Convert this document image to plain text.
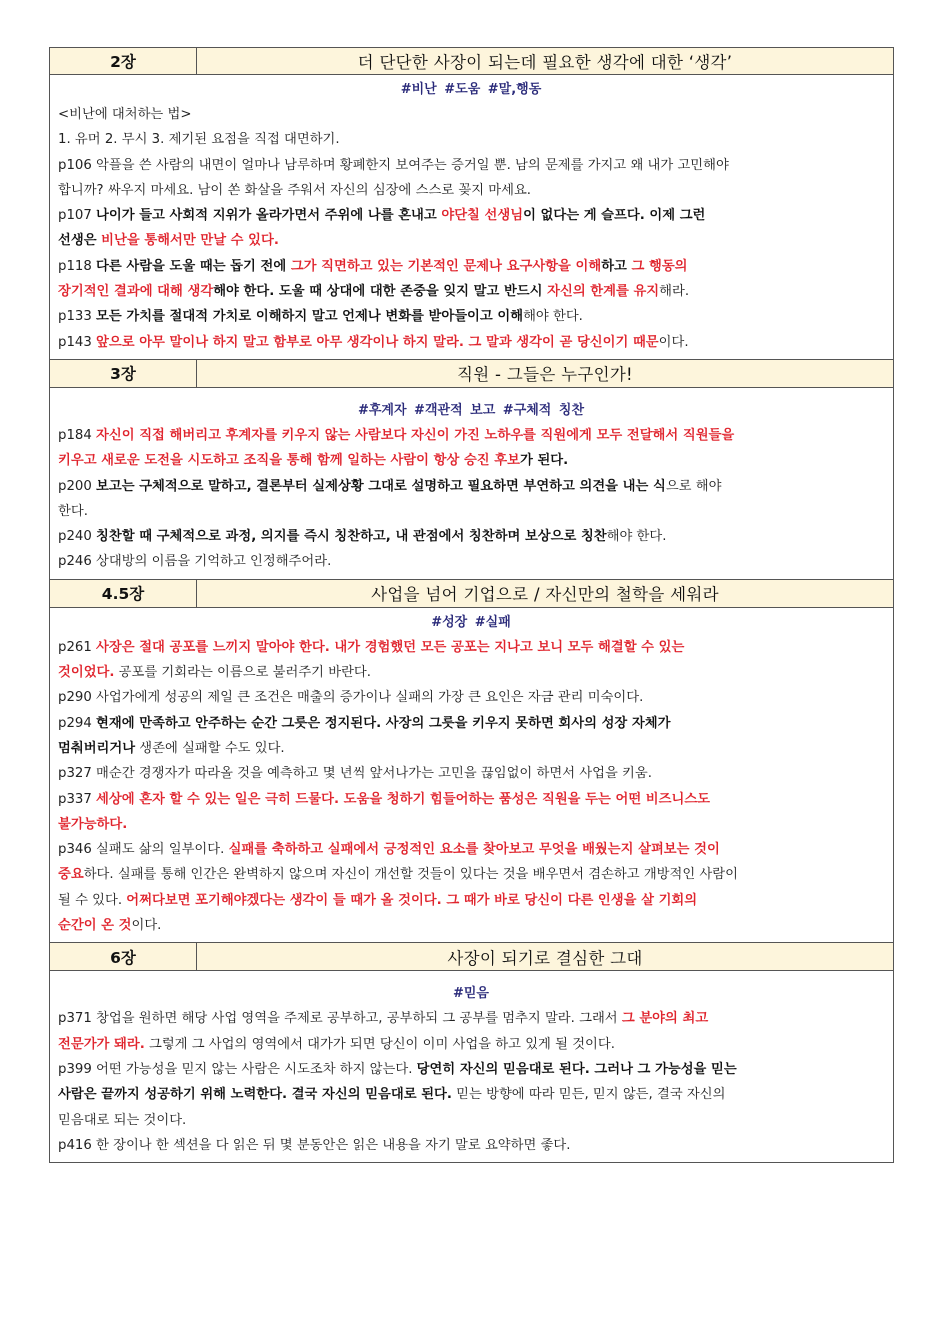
2장	더 단단한 사장이 되는데 필요한 생각에 대한 ‘생각’
#비난 #도움 #말,행동

<비난에 대처하는 법>

1. 유머 2. 무시 3. 제기된 요점을 직접 대면하기.

p106 악플을 쓴 사람의 내면이 얼마나 남루하며 황폐한지 보여주는 증거일 뿐. 남의 문제를 가지고 왜 내가 고민해야

합니까? 싸우지 마세요. 남이 쏜 화살을 주워서 자신의 심장에 스스로 꽂지 마세요.

p107 나이가 들고 사회적 지위가 올라가면서 주위에 나를 혼내고 야단칠 선생님이 없다는 게 슬프다. 이제 그런

선생은 비난을 통해서만 만날 수 있다.

p118 다른 사람을 도울 때는 돕기 전에 그가 직면하고 있는 기본적인 문제나 요구사항을 이해하고 그 행동의

장기적인 결과에 대해 생각해야 한다. 도울 때 상대에 대한 존중을 잊지 말고 반드시 자신의 한계를 유지해라.

p133 모든 가치를 절대적 가치로 이해하지 말고 언제나 변화를 받아들이고 이해해야 한다.

p143 앞으로 아무 말이나 하지 말고 함부로 아무 생각이나 하지 말라. 그 말과 생각이 곧 당신이기 때문이다.

3장	직원 - 그들은 누구인가!
#후계자 #객관적 보고 #구체적 칭찬

p184 자신이 직접 해버리고 후계자를 키우지 않는 사람보다 자신이 가진 노하우를 직원에게 모두 전달해서 직원들을

키우고 새로운 도전을 시도하고 조직을 통해 함께 일하는 사람이 항상 승진 후보가 된다.

p200 보고는 구체적으로 말하고, 결론부터 실제상황 그대로 설명하고 필요하면 부연하고 의견을 내는 식으로 해야

한다.

p240 칭찬할 때 구체적으로 과정, 의지를 즉시 칭찬하고, 내 관점에서 칭찬하며 보상으로 칭찬해야 한다.

p246 상대방의 이름을 기억하고 인정해주어라.

4.5장	사업을 넘어 기업으로 / 자신만의 철학을 세워라
#성장 #실패

p261 사장은 절대 공포를 느끼지 말아야 한다. 내가 경험했던 모든 공포는 지나고 보니 모두 해결할 수 있는

것이었다. 공포를 기회라는 이름으로 불러주기 바란다.

p290 사업가에게 성공의 제일 큰 조건은 매출의 증가이나 실패의 가장 큰 요인은 자금 관리 미숙이다.

p294 현재에 만족하고 안주하는 순간 그릇은 정지된다. 사장의 그릇을 키우지 못하면 회사의 성장 자체가

멈춰버리거나 생존에 실패할 수도 있다.

p327 매순간 경쟁자가 따라올 것을 예측하고 몇 년씩 앞서나가는 고민을 끊임없이 하면서 사업을 키움.

p337 세상에 혼자 할 수 있는 일은 극히 드물다. 도움을 청하기 힘들어하는 품성은 직원을 두는 어떤 비즈니스도

불가능하다.

p346 실패도 삶의 일부이다. 실패를 축하하고 실패에서 긍정적인 요소를 찾아보고 무엇을 배웠는지 살펴보는 것이

중요하다. 실패를 통해 인간은 완벽하지 않으며 자신이 개선할 것들이 있다는 것을 배우면서 겸손하고 개방적인 사람이

될 수 있다. 어쩌다보면 포기해야겠다는 생각이 들 때가 올 것이다. 그 때가 바로 당신이 다른 인생을 살 기회의

순간이 온 것이다.

6장	사장이 되기로 결심한 그대
#믿음

p371 창업을 원하면 해당 사업 영역을 주제로 공부하고, 공부하되 그 공부를 멈추지 말라. 그래서 그 분야의 최고

전문가가 돼라. 그렇게 그 사업의 영역에서 대가가 되면 당신이 이미 사업을 하고 있게 될 것이다.

p399 어떤 가능성을 믿지 않는 사람은 시도조차 하지 않는다. 당연히 자신의 믿음대로 된다. 그러나 그 가능성을 믿는

사람은 끝까지 성공하기 위해 노력한다. 결국 자신의 믿음대로 된다. 믿는 방향에 따라 믿든, 믿지 않든, 결국 자신의

믿음대로 되는 것이다.

p416 한 장이나 한 섹션을 다 읽은 뒤 몇 분동안은 읽은 내용을 자기 말로 요약하면 좋다.
